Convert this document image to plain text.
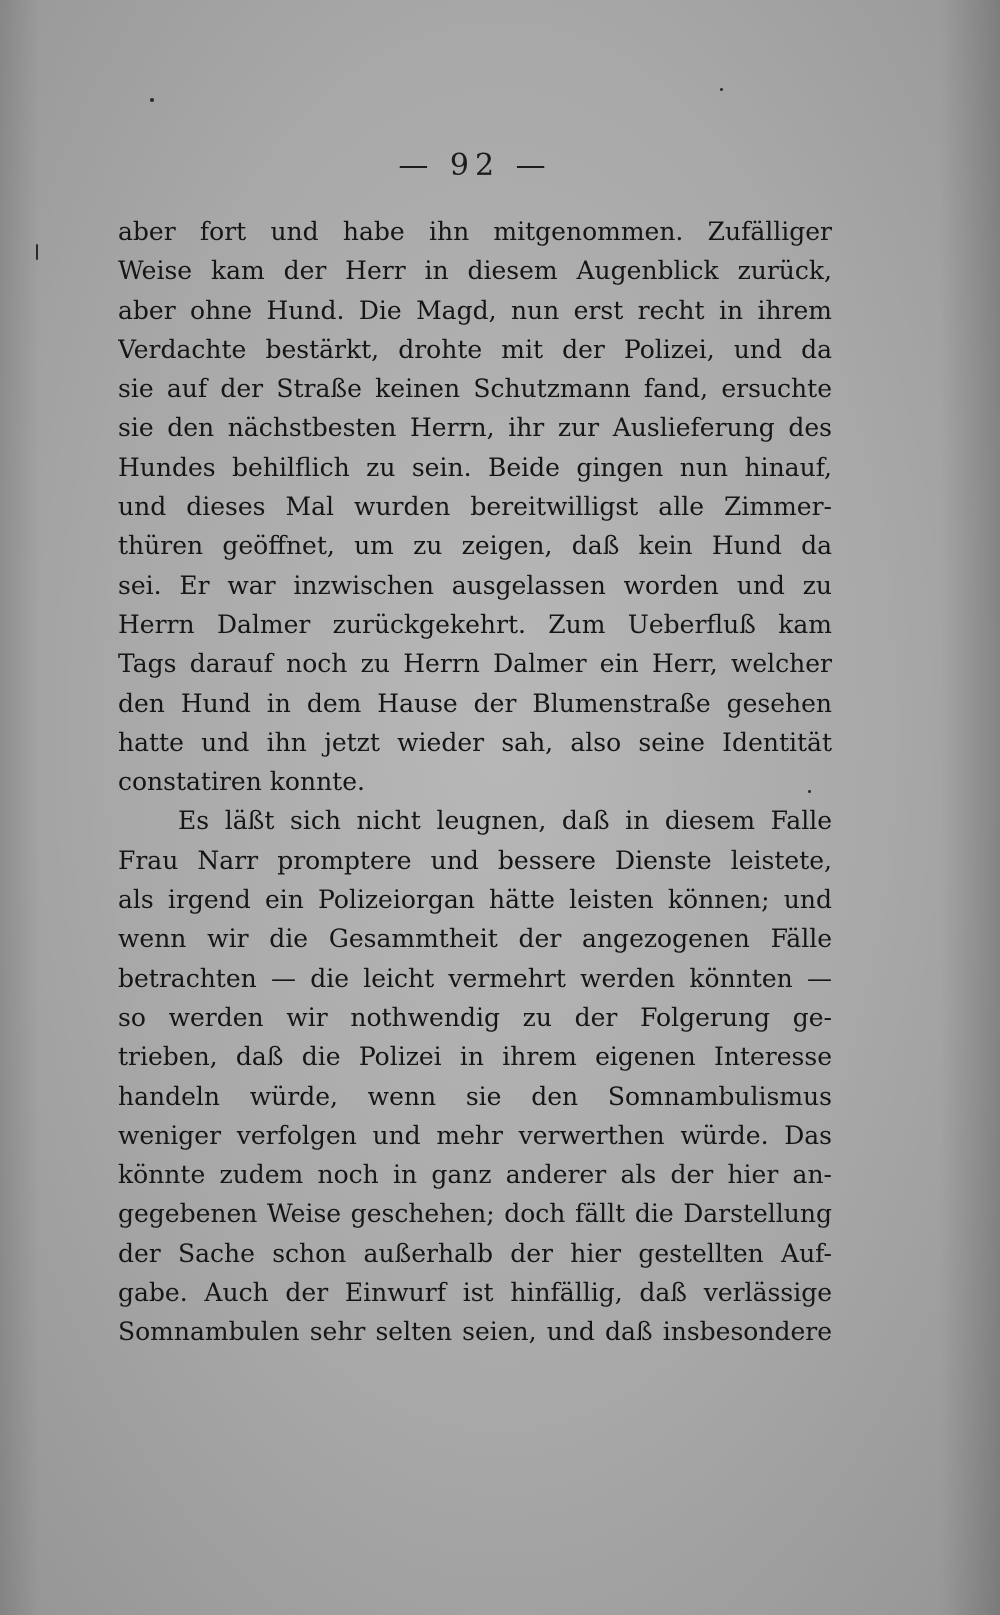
— 92 —
aber fort und habe ihn mitgenommen. Zufälliger
Weise kam der Herr in diesem Augenblick zurück,
aber ohne Hund. Die Magd, nun erst recht in ihrem
Verdachte bestärkt, drohte mit der Polizei, und da
sie auf der Straße keinen Schutzmann fand, ersuchte
sie den nächstbesten Herrn, ihr zur Auslieferung des
Hundes behilflich zu sein. Beide gingen nun hinauf,
und dieses Mal wurden bereitwilligst alle Zimmer-
thüren geöffnet, um zu zeigen, daß kein Hund da
sei. Er war inzwischen ausgelassen worden und zu
Herrn Dalmer zurückgekehrt. Zum Ueberfluß kam
Tags darauf noch zu Herrn Dalmer ein Herr, welcher
den Hund in dem Hause der Blumenstraße gesehen
hatte und ihn jetzt wieder sah, also seine Identität
constatiren konnte.
Es läßt sich nicht leugnen, daß in diesem Falle
Frau Narr promptere und bessere Dienste leistete,
als irgend ein Polizeiorgan hätte leisten können; und
wenn wir die Gesammtheit der angezogenen Fälle
betrachten — die leicht vermehrt werden könnten —
so werden wir nothwendig zu der Folgerung ge-
trieben, daß die Polizei in ihrem eigenen Interesse
handeln würde, wenn sie den Somnambulismus
weniger verfolgen und mehr verwerthen würde. Das
könnte zudem noch in ganz anderer als der hier an-
gegebenen Weise geschehen; doch fällt die Darstellung
der Sache schon außerhalb der hier gestellten Auf-
gabe. Auch der Einwurf ist hinfällig, daß verlässige
Somnambulen sehr selten seien, und daß insbesondere
